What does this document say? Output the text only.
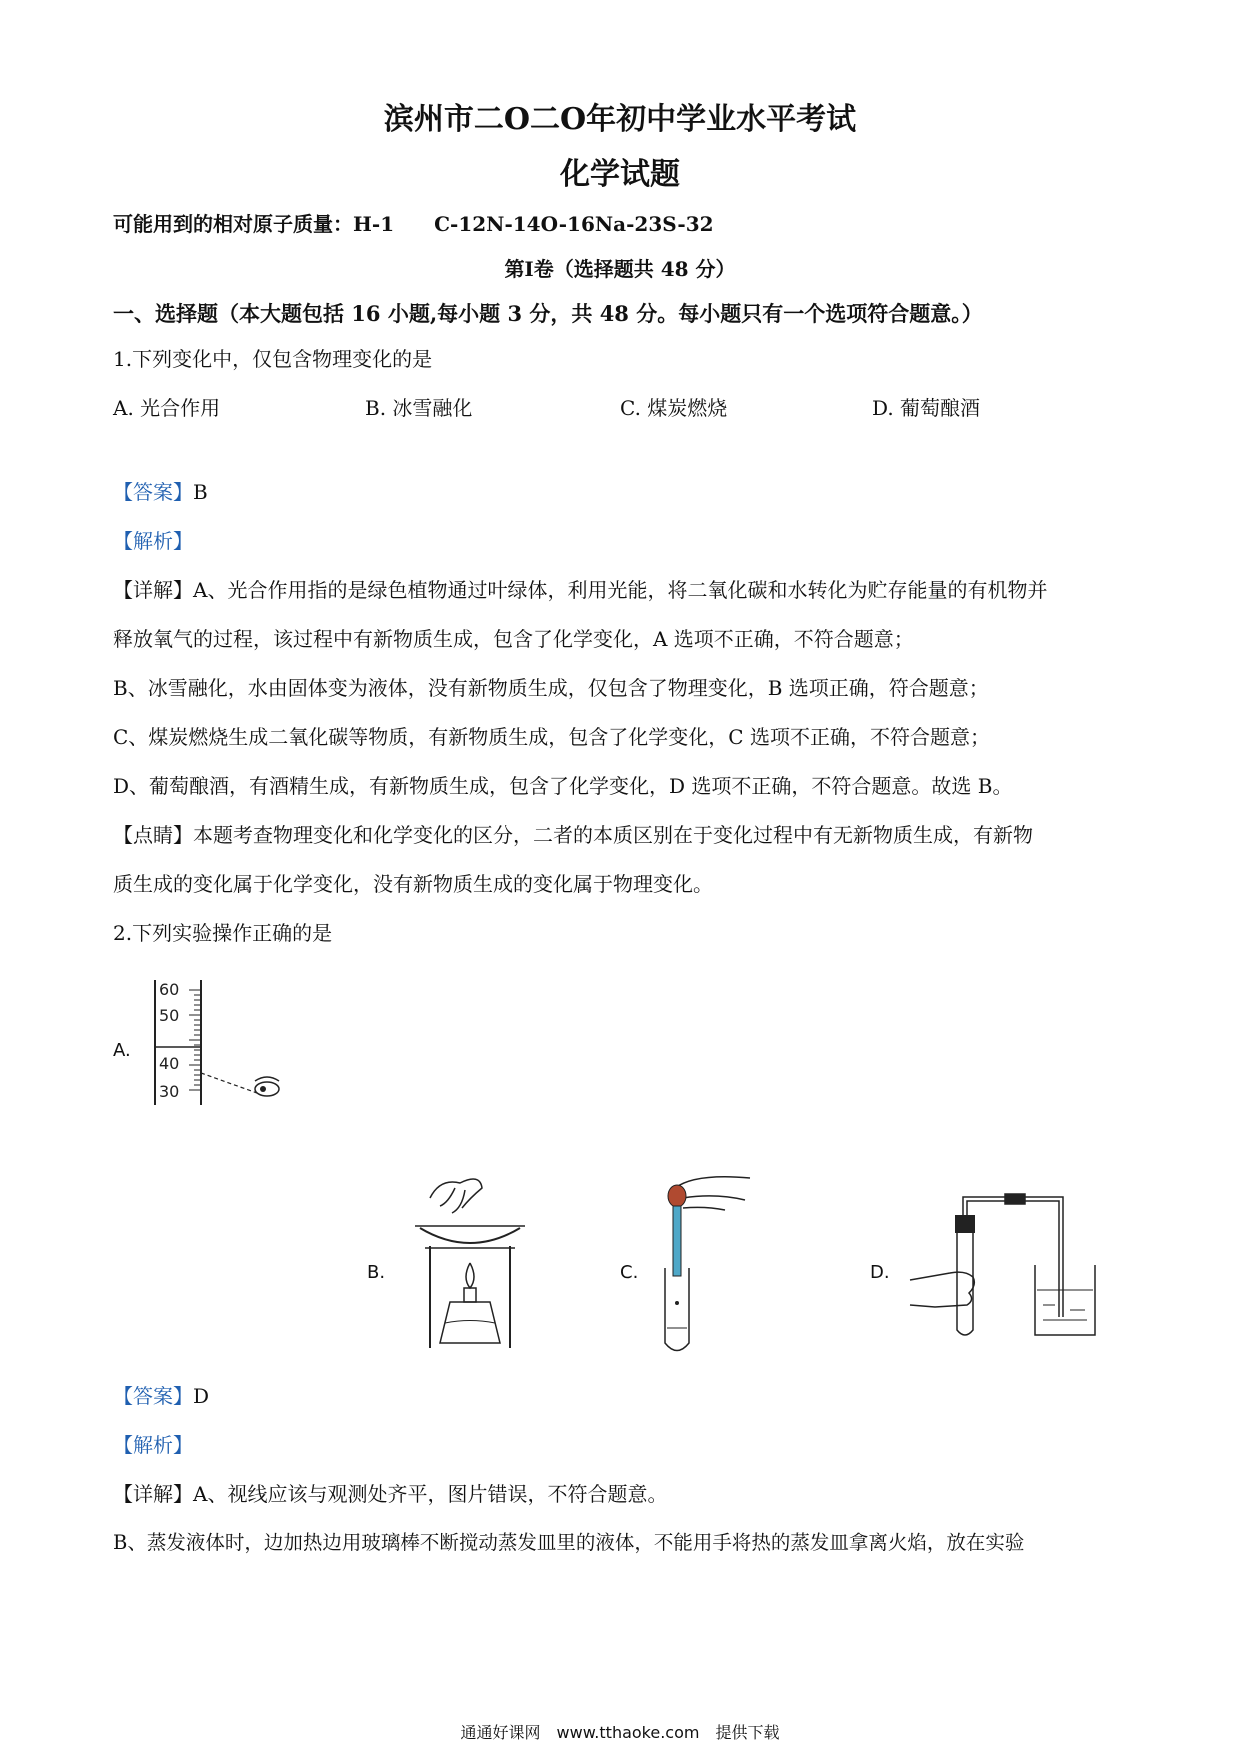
滨州市二O二O年初中学业水平考试
化学试题
可能用到的相对原子质量：H-1　　C-12N-14O-16Na-23S-32
第Ⅰ卷（选择题共 48 分）
一、选择题（本大题包括 16 小题,每小题 3 分，共 48 分。每小题只有一个选项符合题意。）
1.下列变化中，仅包含物理变化的是
A. 光合作用	B. 冰雪融化	C. 煤炭燃烧	D. 葡萄酿酒
【答案】B
【解析】
【详解】A、光合作用指的是绿色植物通过叶绿体，利用光能，将二氧化碳和水转化为贮存能量的有机物并
释放氧气的过程，该过程中有新物质生成，包含了化学变化，A 选项不正确，不符合题意；
B、冰雪融化，水由固体变为液体，没有新物质生成，仅包含了物理变化，B 选项正确，符合题意；
C、煤炭燃烧生成二氧化碳等物质，有新物质生成，包含了化学变化，C 选项不正确，不符合题意；
D、葡萄酿酒，有酒精生成，有新物质生成，包含了化学变化，D 选项不正确，不符合题意。故选 B。
【点睛】本题考查物理变化和化学变化的区分，二者的本质区别在于变化过程中有无新物质生成，有新物
质生成的变化属于化学变化，没有新物质生成的变化属于物理变化。
2.下列实验操作正确的是
A.
60
50
40
30
B.	C.	D.
【答案】D
【解析】
【详解】A、视线应该与观测处齐平，图片错误，不符合题意。
B、蒸发液体时，边加热边用玻璃棒不断搅动蒸发皿里的液体，不能用手将热的蒸发皿拿离火焰，放在实验
通通好课网　www.tthaoke.com　提供下载
